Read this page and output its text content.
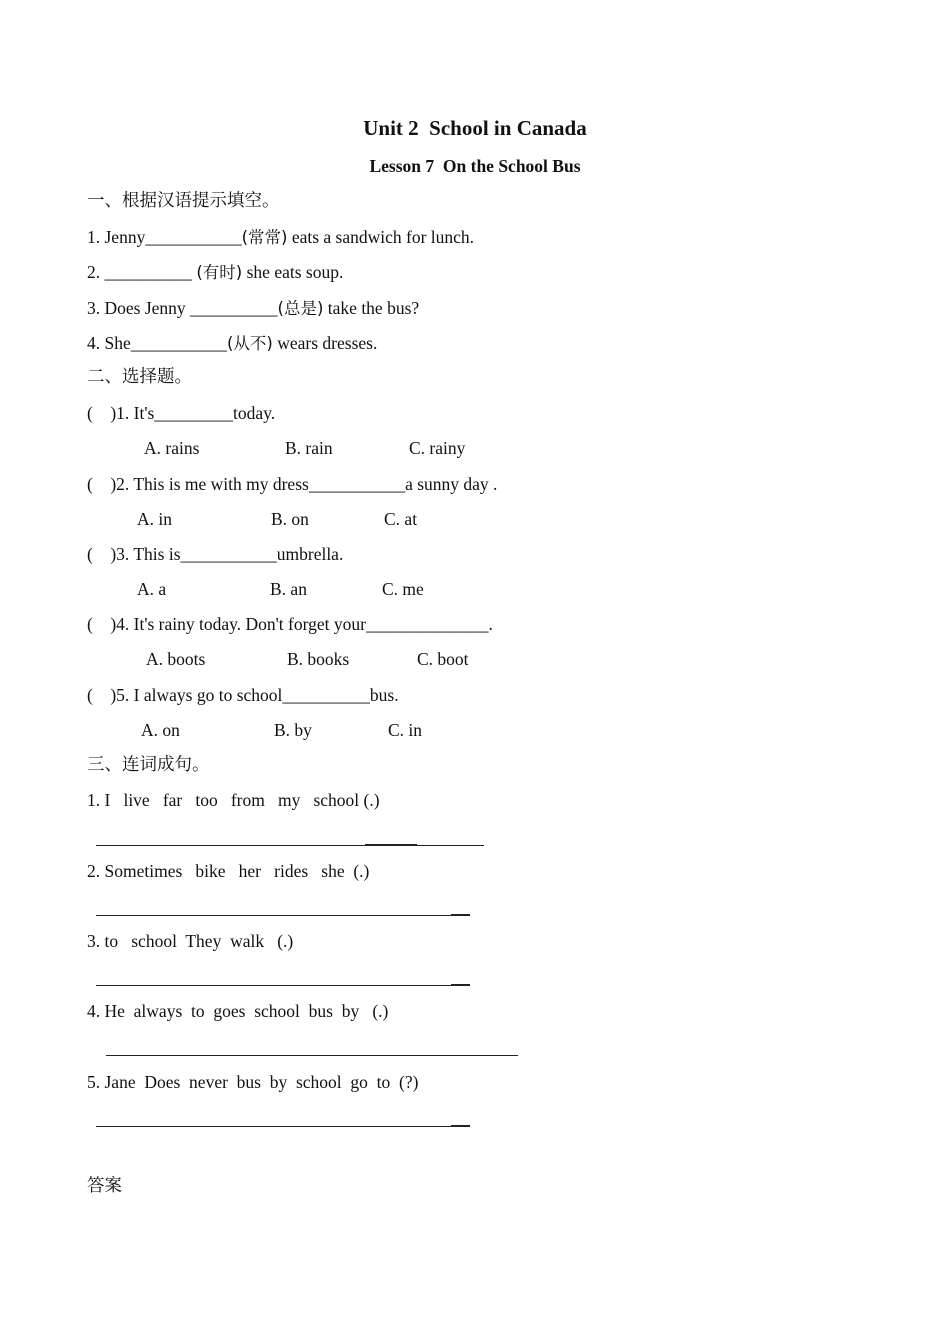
Unit 2  School in Canada
Lesson 7  On the School Bus
一、根据汉语提示填空。
1. Jenny___________(常常) eats a sandwich for lunch.
2. __________ (有时) she eats soup.
3. Does Jenny __________(总是) take the bus?
4. She___________(从不) wears dresses.
二、选择题。
(    )1. It's_________today.
A. rains	B. rain	C. rainy
(    )2. This is me with my dress___________a sunny day .
A. in	B. on	C. at
(    )3. This is___________umbrella.
A. a	B. an	C. me
(    )4. It's rainy today. Don't forget your______________.
A. boots	B. books	C. boot
(    )5. I always go to school__________bus.
A. on	B. by	C. in
三、连词成句。
1. I   live   far   too   from   my   school (.)
2. Sometimes   bike   her   rides   she  (.)
3. to   school  They  walk   (.)
4. He  always  to  goes  school  bus  by   (.)
5. Jane  Does  never  bus  by  school  go  to  (?)
答案
